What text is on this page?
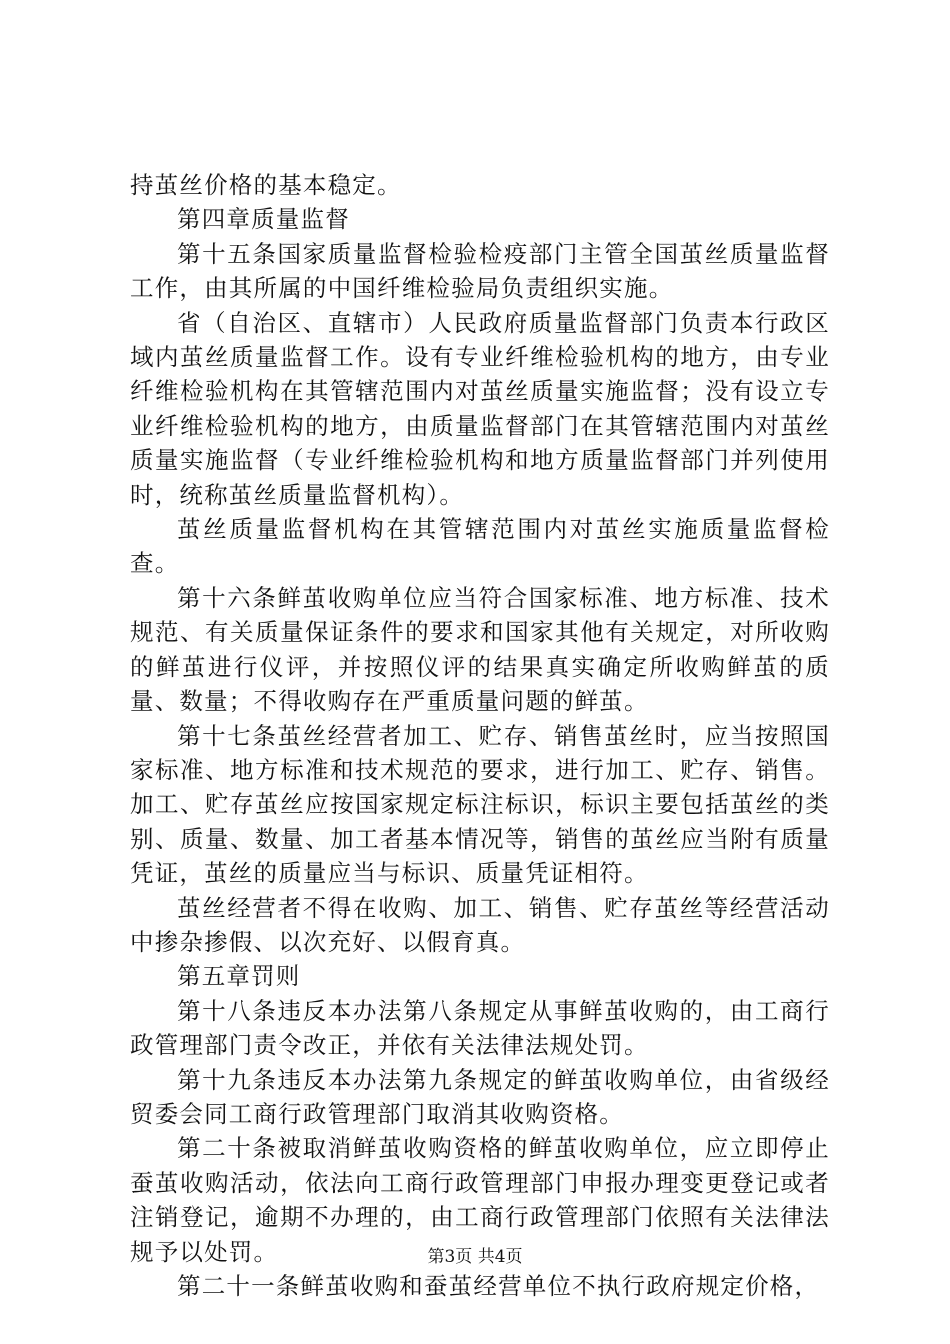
持茧丝价格的基本稳定。

第四章质量监督

第十五条国家质量监督检验检疫部门主管全国茧丝质量监督工作，由其所属的中国纤维检验局负责组织实施。

省（自治区、直辖市）人民政府质量监督部门负责本行政区域内茧丝质量监督工作。设有专业纤维检验机构的地方，由专业纤维检验机构在其管辖范围内对茧丝质量实施监督；没有设立专业纤维检验机构的地方，由质量监督部门在其管辖范围内对茧丝质量实施监督（专业纤维检验机构和地方质量监督部门并列使用时，统称茧丝质量监督机构）。

茧丝质量监督机构在其管辖范围内对茧丝实施质量监督检查。

第十六条鲜茧收购单位应当符合国家标准、地方标准、技术规范、有关质量保证条件的要求和国家其他有关规定，对所收购的鲜茧进行仪评，并按照仪评的结果真实确定所收购鲜茧的质量、数量；不得收购存在严重质量问题的鲜茧。

第十七条茧丝经营者加工、贮存、销售茧丝时，应当按照国家标准、地方标准和技术规范的要求，进行加工、贮存、销售。加工、贮存茧丝应按国家规定标注标识，标识主要包括茧丝的类别、质量、数量、加工者基本情况等，销售的茧丝应当附有质量凭证，茧丝的质量应当与标识、质量凭证相符。

茧丝经营者不得在收购、加工、销售、贮存茧丝等经营活动中掺杂掺假、以次充好、以假育真。

第五章罚则

第十八条违反本办法第八条规定从事鲜茧收购的，由工商行政管理部门责令改正，并依有关法律法规处罚。

第十九条违反本办法第九条规定的鲜茧收购单位，由省级经贸委会同工商行政管理部门取消其收购资格。

第二十条被取消鲜茧收购资格的鲜茧收购单位，应立即停止蚕茧收购活动，依法向工商行政管理部门申报办理变更登记或者注销登记，逾期不办理的，由工商行政管理部门依照有关法律法规予以处罚。

第二十一条鲜茧收购和蚕茧经营单位不执行政府规定价格，

第3页 共4页
